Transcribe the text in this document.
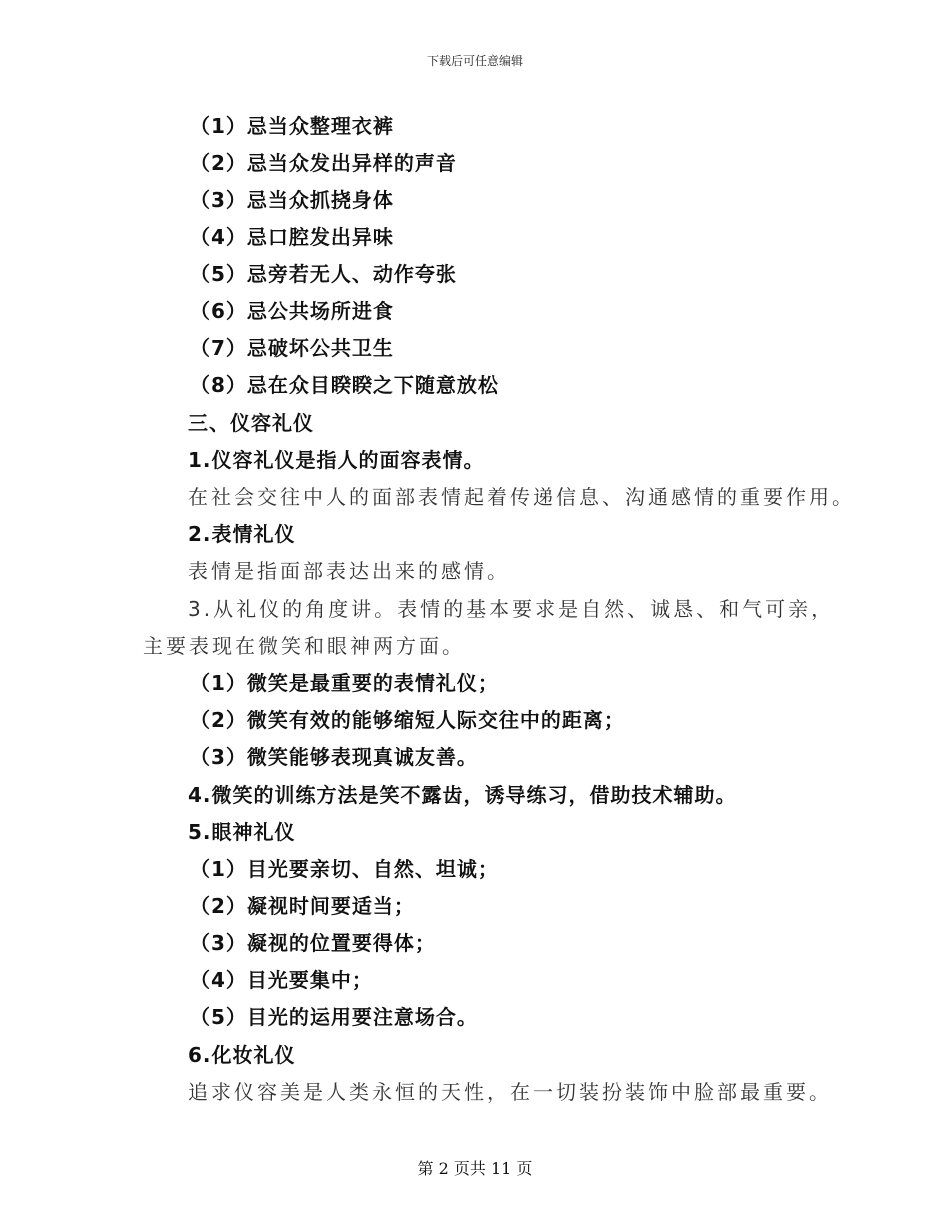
下载后可任意编辑
（1）忌当众整理衣裤
（2）忌当众发出异样的声音
（3）忌当众抓挠身体
（4）忌口腔发出异味
（5）忌旁若无人、动作夸张
（6）忌公共场所进食
（7）忌破坏公共卫生
（8）忌在众目睽睽之下随意放松
三、仪容礼仪
1.仪容礼仪是指人的面容表情。
在社会交往中人的面部表情起着传递信息、沟通感情的重要作用。
2.表情礼仪
表情是指面部表达出来的感情。
3.从礼仪的角度讲。表情的基本要求是自然、诚恳、和气可亲，
主要表现在微笑和眼神两方面。
（1）微笑是最重要的表情礼仪；
（2）微笑有效的能够缩短人际交往中的距离；
（3）微笑能够表现真诚友善。
4.微笑的训练方法是笑不露齿，诱导练习，借助技术辅助。
5.眼神礼仪
（1）目光要亲切、自然、坦诚；
（2）凝视时间要适当；
（3）凝视的位置要得体；
（4）目光要集中；
（5）目光的运用要注意场合。
6.化妆礼仪
追求仪容美是人类永恒的天性，在一切装扮装饰中脸部最重要。
第 2 页共 11 页
